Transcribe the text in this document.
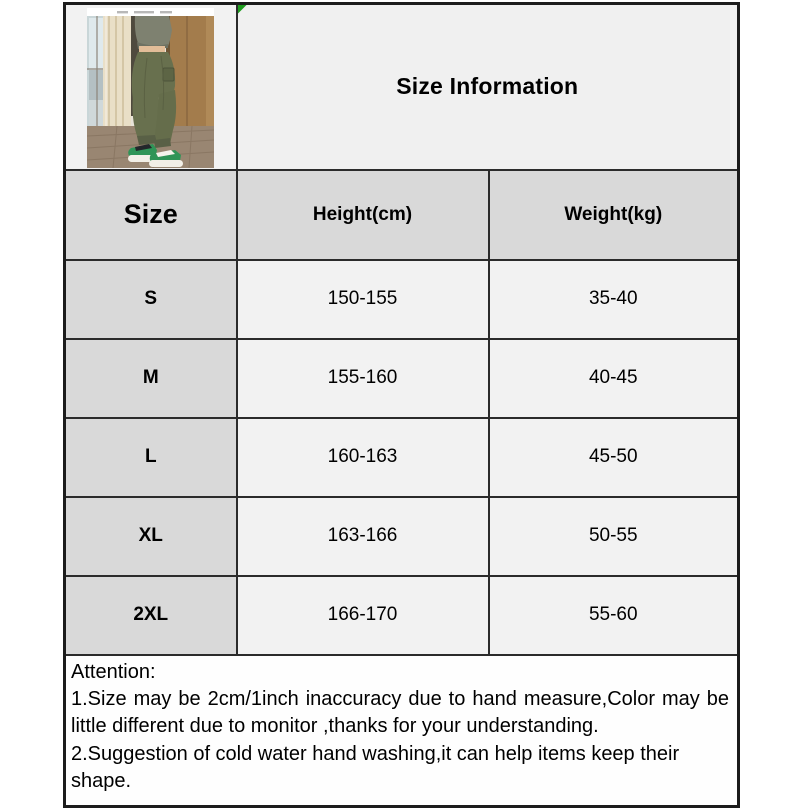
Size Information	

Size	Height(cm)	Weight(kg)
S	150-155	35-40
M	155-160	40-45
L	160-163	45-50
XL	163-166	50-55
2XL	166-170	55-60

Attention:

1.Size may be 2cm/1inch inaccuracy due to hand measure,Color may be little different due to monitor ,thanks for your understanding.

2.Suggestion of cold water hand washing,it can help items keep their shape.		
